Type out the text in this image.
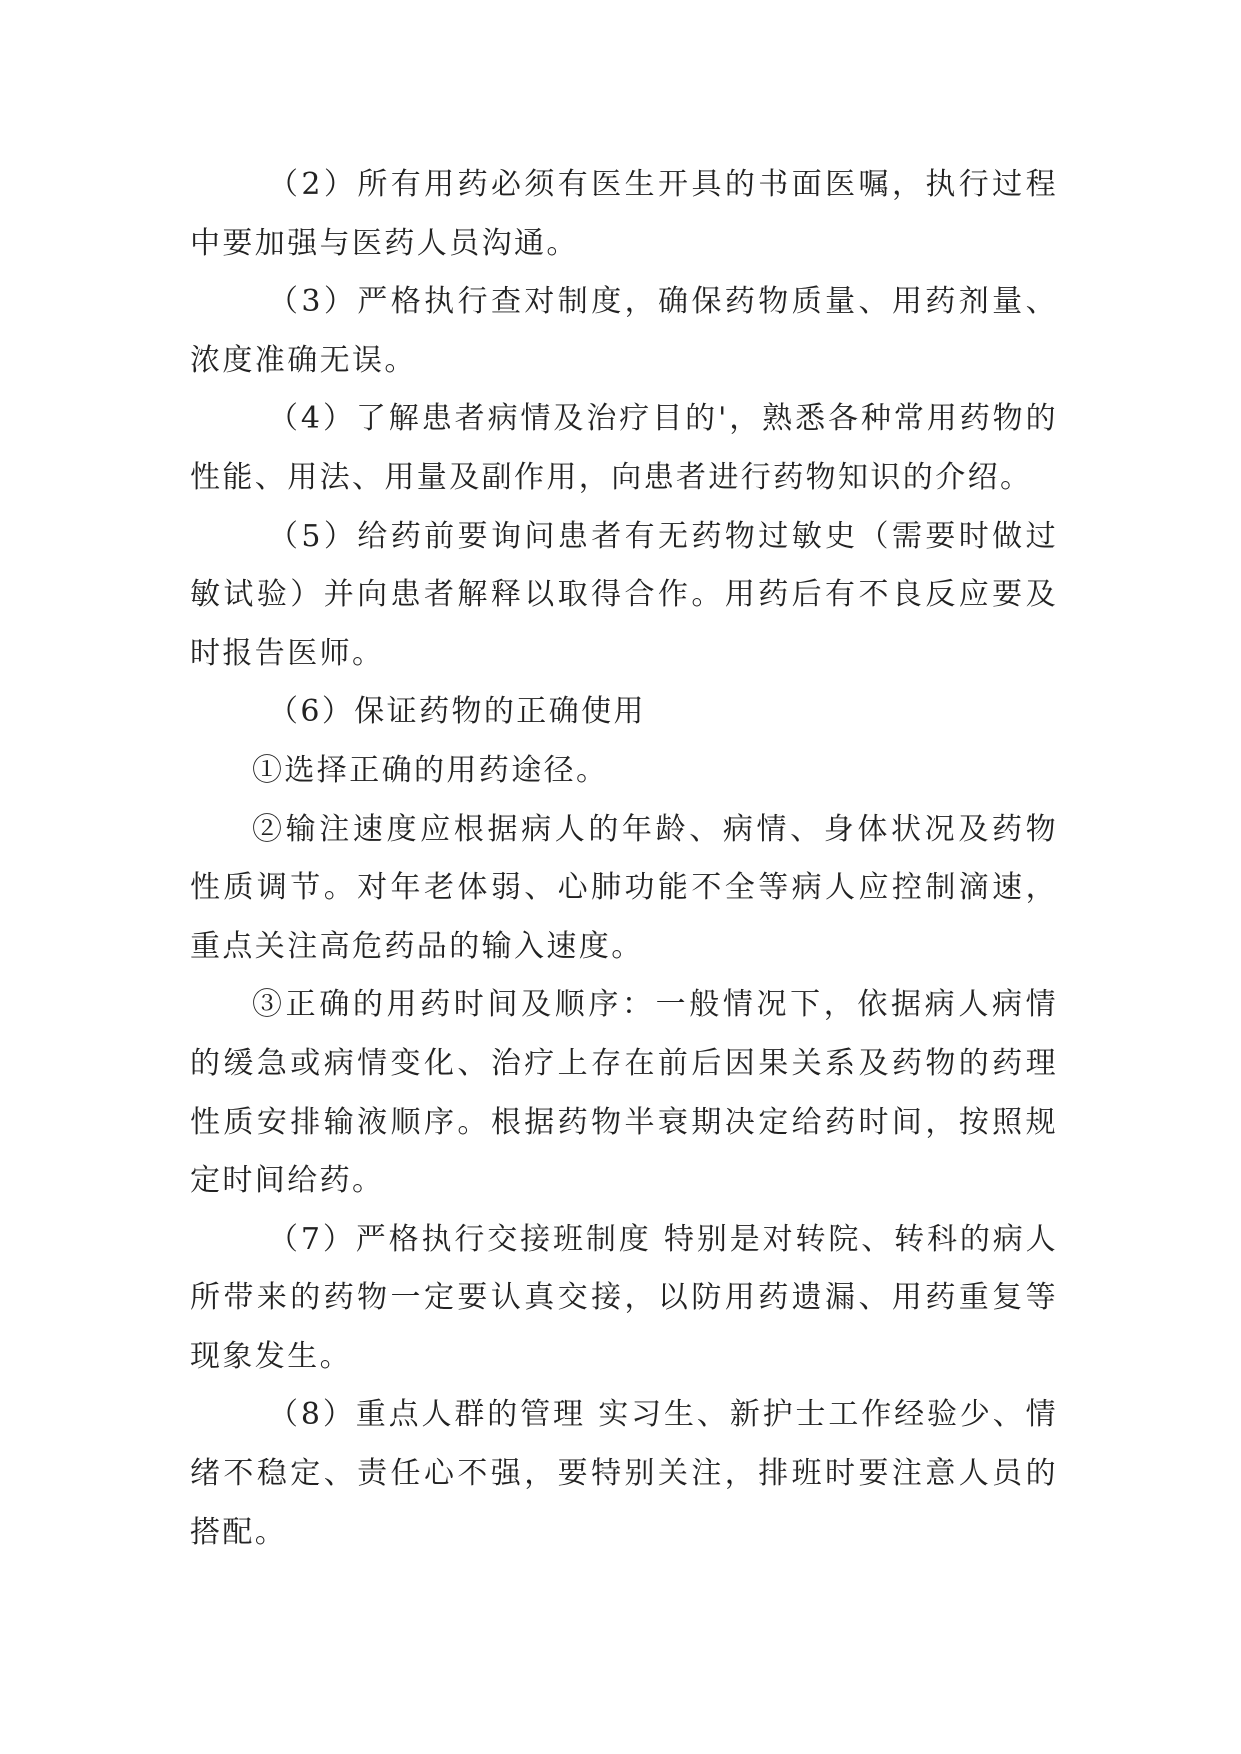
（2）所有用药必须有医生开具的书面医嘱，执行过程中要加强与医药人员沟通。

（3）严格执行查对制度，确保药物质量、用药剂量、浓度准确无误。

（4）了解患者病情及治疗目的'，熟悉各种常用药物的性能、用法、用量及副作用，向患者进行药物知识的介绍。

（5）给药前要询问患者有无药物过敏史（需要时做过敏试验）并向患者解释以取得合作。用药后有不良反应要及时报告医师。

（6）保证药物的正确使用

①选择正确的用药途径。

②输注速度应根据病人的年龄、病情、身体状况及药物性质调节。对年老体弱、心肺功能不全等病人应控制滴速，重点关注高危药品的输入速度。

③正确的用药时间及顺序：一般情况下，依据病人病情的缓急或病情变化、治疗上存在前后因果关系及药物的药理性质安排输液顺序。根据药物半衰期决定给药时间，按照规定时间给药。

（7）严格执行交接班制度 特别是对转院、转科的病人所带来的药物一定要认真交接，以防用药遗漏、用药重复等现象发生。

（8）重点人群的管理 实习生、新护士工作经验少、情绪不稳定、责任心不强，要特别关注，排班时要注意人员的搭配。
